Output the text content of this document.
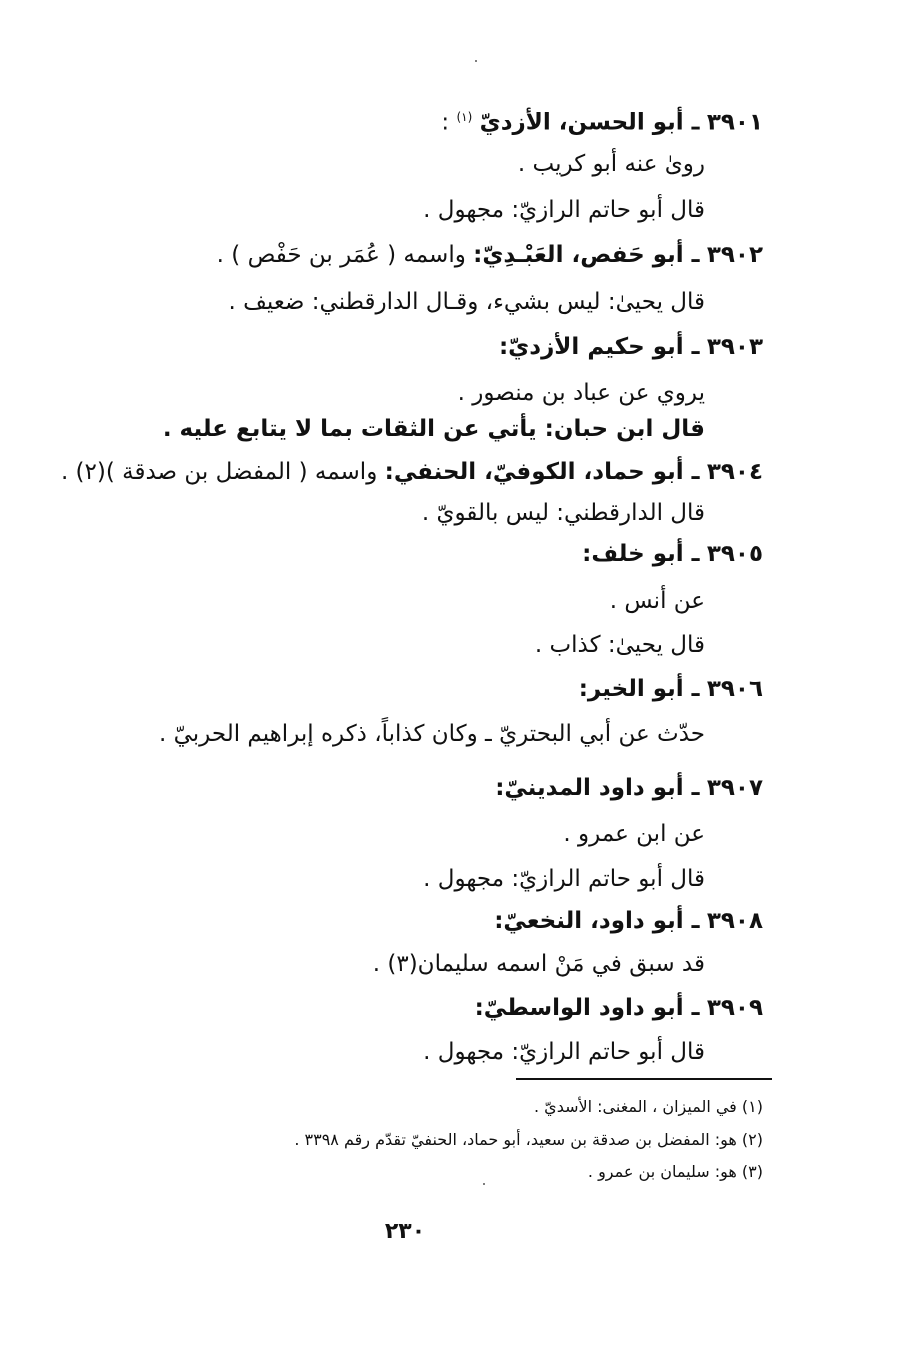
٣٩٠١ ـ أبو الحسن، الأزديّ $^{(١)}$ :
رویٰ عنه أبو كريب .
قال أبو حاتم الرازيّ: مجهول .
٣٩٠٢ ـ أبو حَفص، العَبْـدِيّ: واسمه ( عُمَر بن حَفْص ) .
قال يحيىٰ: ليس بشيء، وقـال الدارقطني: ضعيف .
٣٩٠٣ ـ أبو حكيم الأزديّ:
يروي عن عباد بن منصور .
قال ابن حبان: يأتي عن الثقات بما لا يتابع عليه .
٣٩٠٤ ـ أبو حماد، الكوفيّ، الحنفي: واسمه ( المفضل بن صدقة )(٢) .
قال الدارقطني: ليس بالقويّ .
٣٩٠٥ ـ أبو خلف:
عن أنس .
قال يحيىٰ: كذاب .
٣٩٠٦ ـ أبو الخير:
حدّث عن أبي البحتريّ ـ وكان كذاباً، ذكره إبراهيم الحربيّ .
٣٩٠٧ ـ أبو داود المدينيّ:
عن ابن عمرو .
قال أبو حاتم الرازيّ: مجهول .
٣٩٠٨ ـ أبو داود، النخعيّ:
قد سبق في مَنْ اسمه سليمان(٣) .
٣٩٠٩ ـ أبو داود الواسطيّ:
قال أبو حاتم الرازيّ: مجهول .
(١) في الميزان ، المغنى: الأسديّ .
(٢) هو: المفضل بن صدقة بن سعيد، أبو حماد، الحنفيّ تقدّم رقم ٣٣٩٨ .
(٣) هو: سليمان بن عمرو .
٢٣٠
